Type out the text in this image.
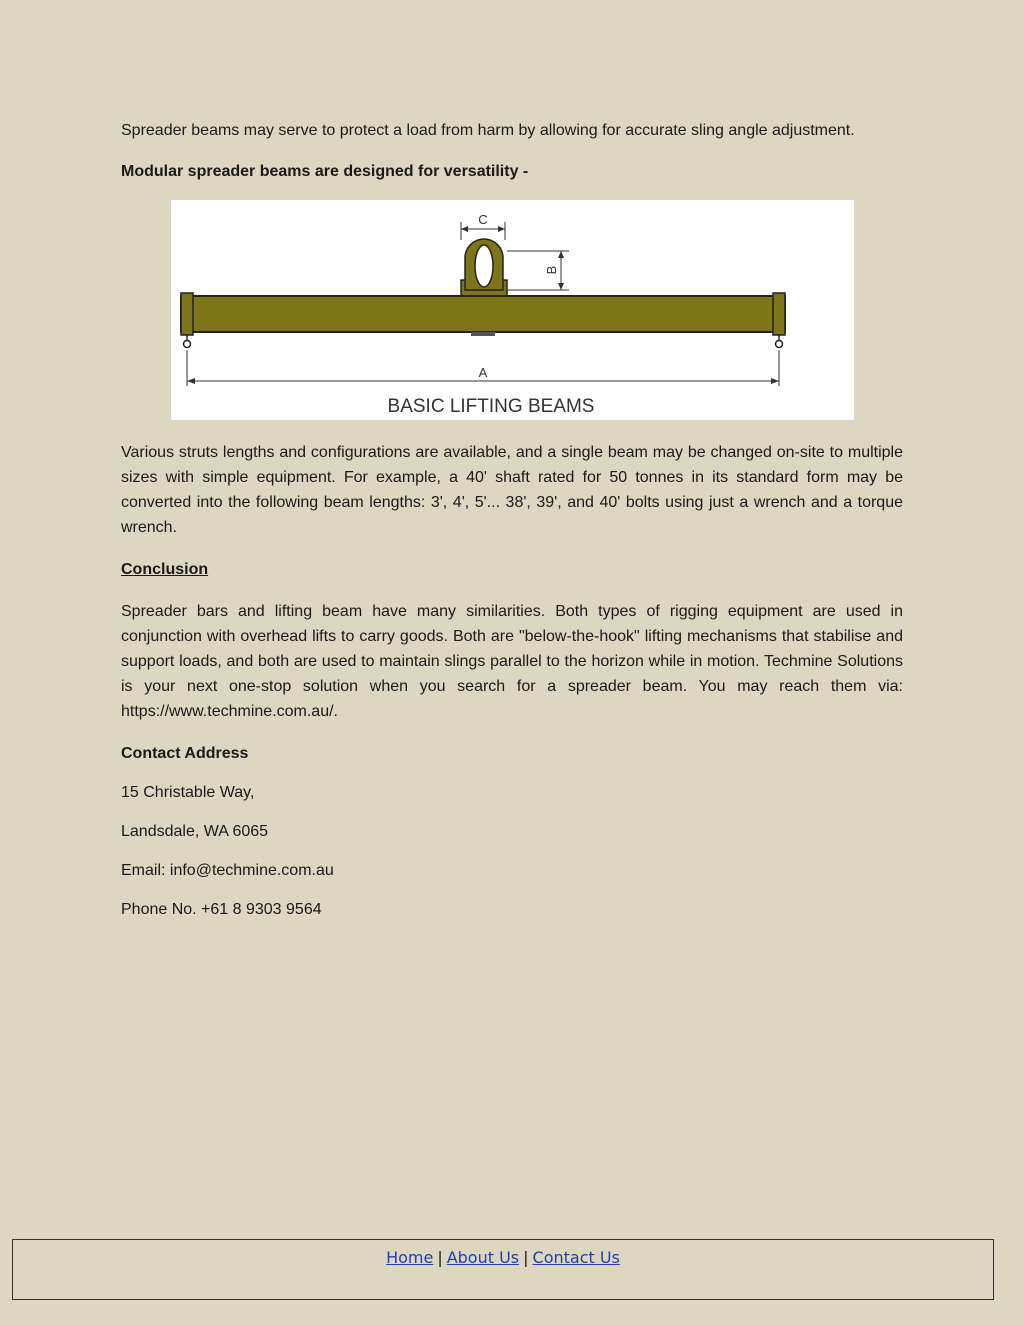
Spreader beams may serve to protect a load from harm by allowing for accurate sling angle adjustment.

Modular spreader beams are designed for versatility -

C
B
A
BASIC LIFTING BEAMS

Various struts lengths and configurations are available, and a single beam may be changed on-site to multiple sizes with simple equipment. For example, a 40' shaft rated for 50 tonnes in its standard form may be converted into the following beam lengths: 3', 4', 5'... 38', 39', and 40' bolts using just a wrench and a torque wrench.

Conclusion

Spreader bars and lifting beam have many similarities. Both types of rigging equipment are used in conjunction with overhead lifts to carry goods. Both are "below-the-hook" lifting mechanisms that stabilise and support loads, and both are used to maintain slings parallel to the horizon while in motion. Techmine Solutions is your next one-stop solution when you search for a spreader beam. You may reach them via: https://www.techmine.com.au/.

Contact Address

15 Christable Way,

Landsdale, WA 6065

Email: info@techmine.com.au

Phone No. +61 8 9303 9564

Home | About Us | Contact Us
